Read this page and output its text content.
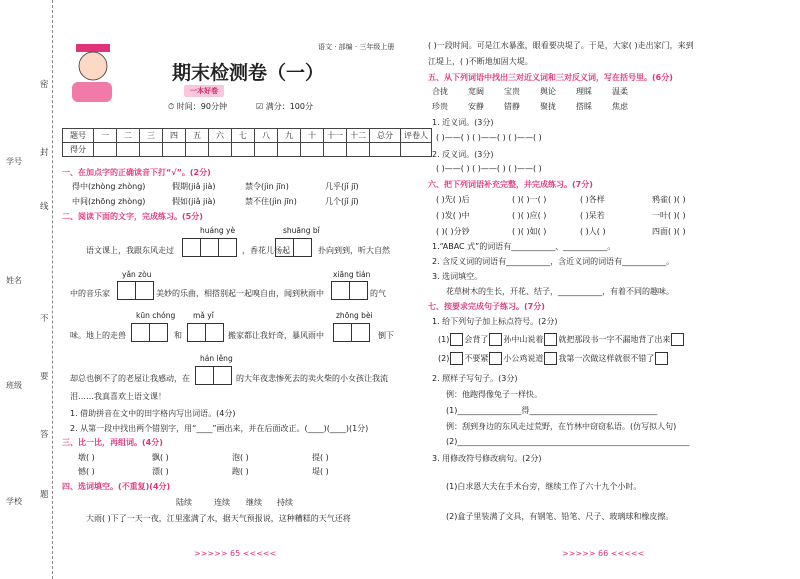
学号
姓名
班级
学校
密
封
线
不
要
答
题
语文 · 部编 · 三年级上册
期末检测卷（一）
一本好卷
⏱ 时间：90分钟	☑ 满分：100分
题号	一	二	三	四	五	六	七	八	九	十	十一	十二	总分	评卷人
得分														
一、在加点字的正确读音下打“√”。(2分)
得中(zhòng zhòng)	假期(jiǎ jià)	禁令(jìn jīn)	几乎(jǐ jī)
中间(zhōng zhòng)	假如(jiǎ jià)	禁不住(jìn jīn)	几个(jǐ jī)
二、阅读下面的文字，完成练习。(5分)
huáng yè	shuāng bǐ
语文课上，我跟东风走过	，香花儿扬起	扑向到到，听大自然
yǎn zòu	xiāng tián
中的音乐家	美妙的乐曲，相搭别起一起嗅自由，闻到秋雨中	的气
kūn chóng mǎ yǐ	zhōng bèi
味。地上的走兽	和	搬家都让我好奇，暴风雨中	倒下
hán lěng
却总也倒不了的老屋让我感动，在	的大年夜悲惨死去的卖火柴的小女孩让我流
泪……我真喜欢上语文课！
1. 借助拼音在文中的田字格内写出词语。(4分)
2. 从第一段中找出两个错别字，用“____”画出来，并在后面改正。(____)(____)(1分)
三、比一比，再组词。(4分)
墩( )	飘( )	泡( )	提( )
憾( )	漂( )	跑( )	堤( )
四、选词填空。(不重复)(4分)
陆续	连续 继续 持续
大雨( )下了一天一夜，江里涨满了水，据天气预报说，这种糟糕的天气还将
( )一段时间。可是江水暴涨，眼看要决堤了。于是，大家( )走出家门，来到
江堤上，( )不断地加固大堤。
五、从下列词语中找出三对近义词和三对反义词，写在括号里。(6分)
合拢	宽阔	宝贵	舆论	理睬	温柔
珍贵	安静	错静	聚拢	搭睬	焦虑
1. 近义词。(3分)
( )——( ) ( )——( ) ( )——( )
2. 反义词。(3分)
( )——( ) ( )——( ) ( )——( )
六、把下列词语补充完整，并完成练习。(7分)
( )先( )后	( )( )一( )	( )各样	鸦雀( )( )
( )发( )中	( )( )应( )	( )呆若	一叶( )( )
( )( )分钞	( )( )如( )	( )人( )	四面( )( )
1.“ABAC 式”的词语有___________、___________。
2. 含反义词的词语有___________，含近义词的词语有___________。
3. 选词填空。
花草树木的生长，开花、结子，___________，有着不同的趣味。
七、按要求完成句子练习。(7分)
1. 给下列句子加上标点符号。(2分)
(1) 会背了 孙中山说着 就把那段书一字不漏地背了出来
(2) 不要紧 小公鸡说道 我第一次做这样就很不错了
2. 照样子写句子。(3分)
例：他跑得像兔子一样快。
(1)________________得________________________________
例：刮到身边的东风走过荒野，在竹林中窃窃私语。(仿写拟人句)
(2)__________________________________________________________
3. 用修改符号修改病句。(2分)
(1)白求恩大夫在手术台旁，继续工作了六十九个小时。
(2)盒子里装满了文具，有钢笔、铅笔、尺子、玻璃球和橡皮擦。
>>>>> 65 <<<<<	>>>>> 66 <<<<<
